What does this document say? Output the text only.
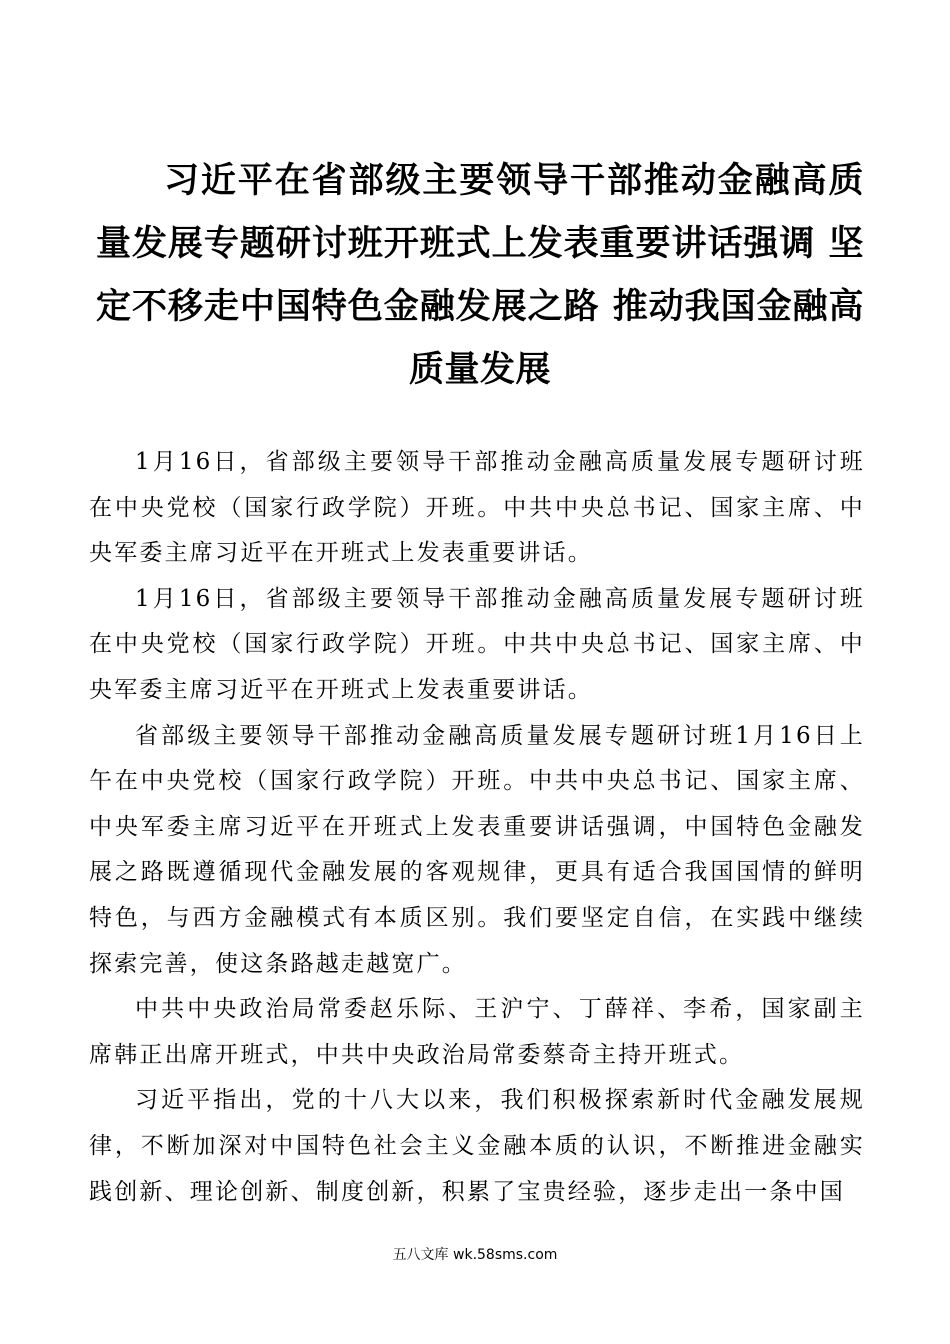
习近平在省部级主要领导干部推动金融高质量发展专题研讨班开班式上发表重要讲话强调 坚定不移走中国特色金融发展之路 推动我国金融高质量发展

1月16日，省部级主要领导干部推动金融高质量发展专题研讨班在中央党校（国家行政学院）开班。中共中央总书记、国家主席、中央军委主席习近平在开班式上发表重要讲话。

1月16日，省部级主要领导干部推动金融高质量发展专题研讨班在中央党校（国家行政学院）开班。中共中央总书记、国家主席、中央军委主席习近平在开班式上发表重要讲话。

省部级主要领导干部推动金融高质量发展专题研讨班1月16日上午在中央党校（国家行政学院）开班。中共中央总书记、国家主席、中央军委主席习近平在开班式上发表重要讲话强调，中国特色金融发展之路既遵循现代金融发展的客观规律，更具有适合我国国情的鲜明特色，与西方金融模式有本质区别。我们要坚定自信，在实践中继续探索完善，使这条路越走越宽广。

中共中央政治局常委赵乐际、王沪宁、丁薛祥、李希，国家副主席韩正出席开班式，中共中央政治局常委蔡奇主持开班式。

习近平指出，党的十八大以来，我们积极探索新时代金融发展规律，不断加深对中国特色社会主义金融本质的认识，不断推进金融实践创新、理论创新、制度创新，积累了宝贵经验，逐步走出一条中国

五八文库 wk.58sms.com
